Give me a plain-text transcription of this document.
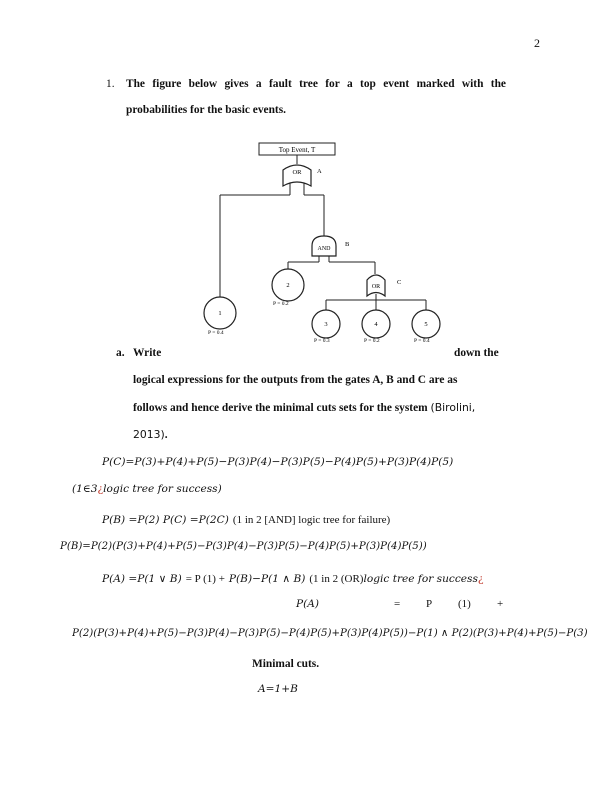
2
1. The figure below gives a fault tree for a top event marked with the probabilities for the basic events.
Top Event, T
OR A
AND
B
OR
C
1
P = 0.4
2
P = 0.2
3
P = 0.3
4
P = 0.2
5
P = 0.4
a. Write	down the
logical expressions for the outputs from the gates A, B and C are as
follows and hence derive the minimal cuts sets for the system (Birolini,
2013).
P(C)=P(3)+P(4)+P(5)−P(3)P(4)−P(3)P(5)−P(4)P(5)+P(3)P(4)P(5)
(1∈3¿logic tree for success)
P(B) =P(2) P(C) =P(2C) (1 in 2 [AND] logic tree for failure)
P(B)=P(2)(P(3)+P(4)+P(5)−P(3)P(4)−P(3)P(5)−P(4)P(5)+P(3)P(4)P(5))
P(A) =P(1 ∨ B) = P (1) + P(B)−P(1 ∧ B) (1 in 2 (OR)logic tree for success¿
P(A)	= P (1) +
P(2)(P(3)+P(4)+P(5)−P(3)P(4)−P(3)P(5)−P(4)P(5)+P(3)P(4)P(5))−P(1) ∧ P(2)(P(3)+P(4)+P(5)−P(3)
Minimal cuts.
A=1+B
